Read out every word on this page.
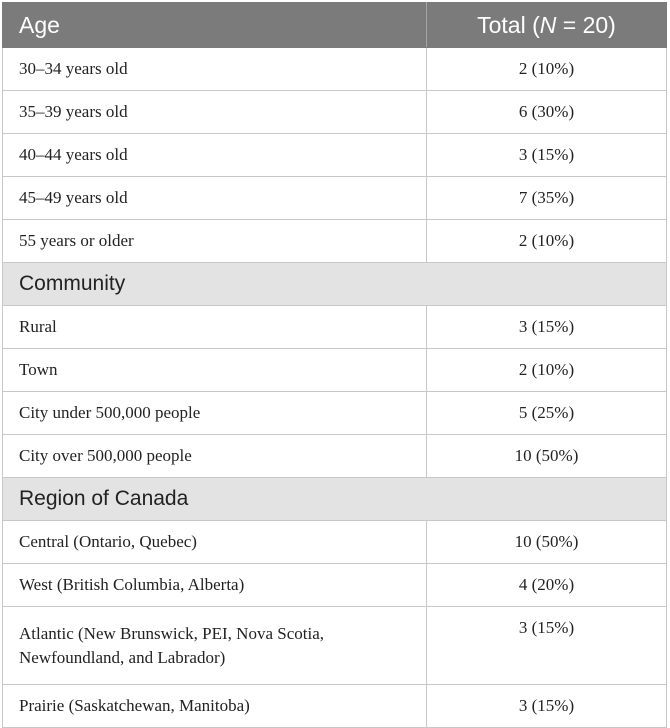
Age	Total (N = 20)
30–34 years old	2 (10%)
35–39 years old	6 (30%)
40–44 years old	3 (15%)
45–49 years old	7 (35%)
55 years or older	2 (10%)
Community	
Rural	3 (15%)
Town	2 (10%)
City under 500,000 people	5 (25%)
City over 500,000 people	10 (50%)
Region of Canada	
Central (Ontario, Quebec)	10 (50%)
West (British Columbia, Alberta)	4 (20%)
Atlantic (New Brunswick, PEI, Nova Scotia,
Newfoundland, and Labrador)	3 (15%)
Prairie (Saskatchewan, Manitoba)	3 (15%)
